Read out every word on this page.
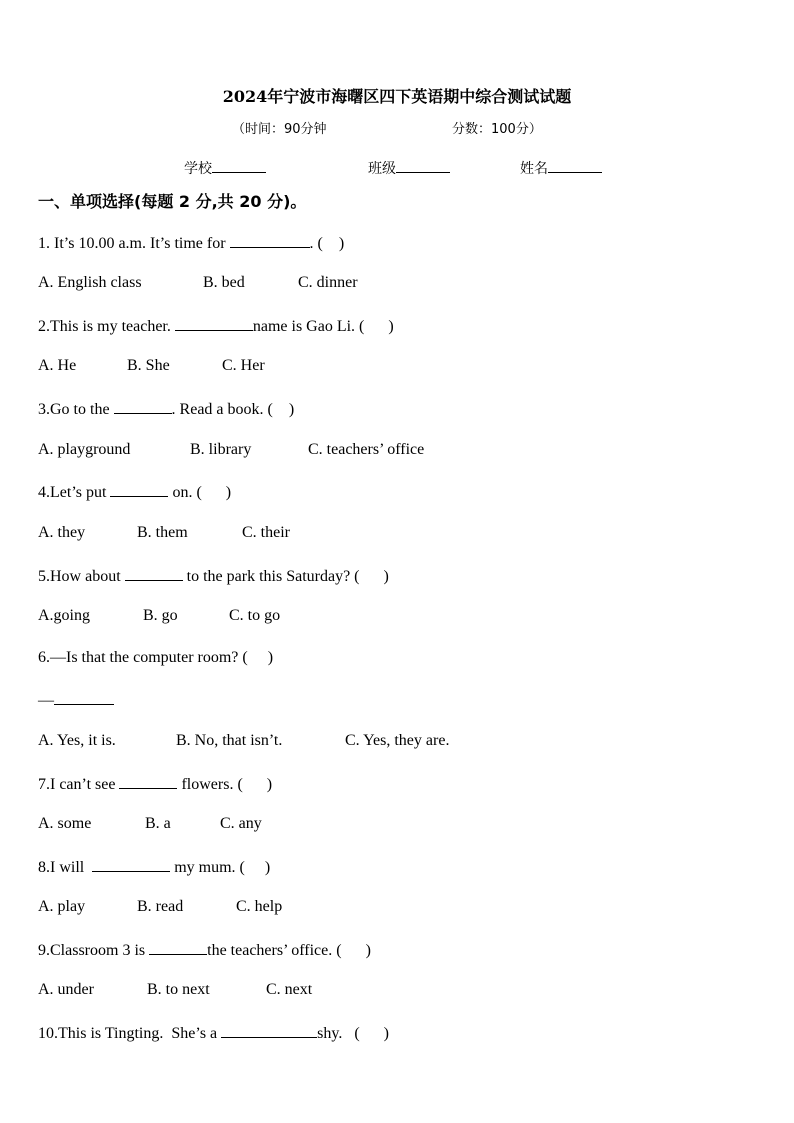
2024年宁波市海曙区四下英语期中综合测试试题
（时间：90分钟	分数：100分）
学校	班级	姓名
一、单项选择(每题 2 分,共 20 分)。
1. It’s 10.00 a.m. It’s time for	. (    )
A. English class	B. bed	C. dinner
2.This is my teacher.	name is Gao Li. (      )
A. He	B. She	C. Her
3.Go to the	. Read a book. (    )
A. playground	B. library	C. teachers’ office
4.Let’s put	on. (      )
A. they	B. them	C. their
5.How about	to the park this Saturday? (      )
A.going	B. go	C. to go
6.—Is that the computer room? (     )
—
A. Yes, it is.	B. No, that isn’t.	C. Yes, they are.
7.I can’t see	flowers. (      )
A. some	B. a	C. any
8.I will	my mum. (     )
A. play	B. read	C. help
9.Classroom 3 is	the teachers’ office. (      )
A. under	B. to next	C. next
10.This is Tingting.  She’s a	shy.   (      )
